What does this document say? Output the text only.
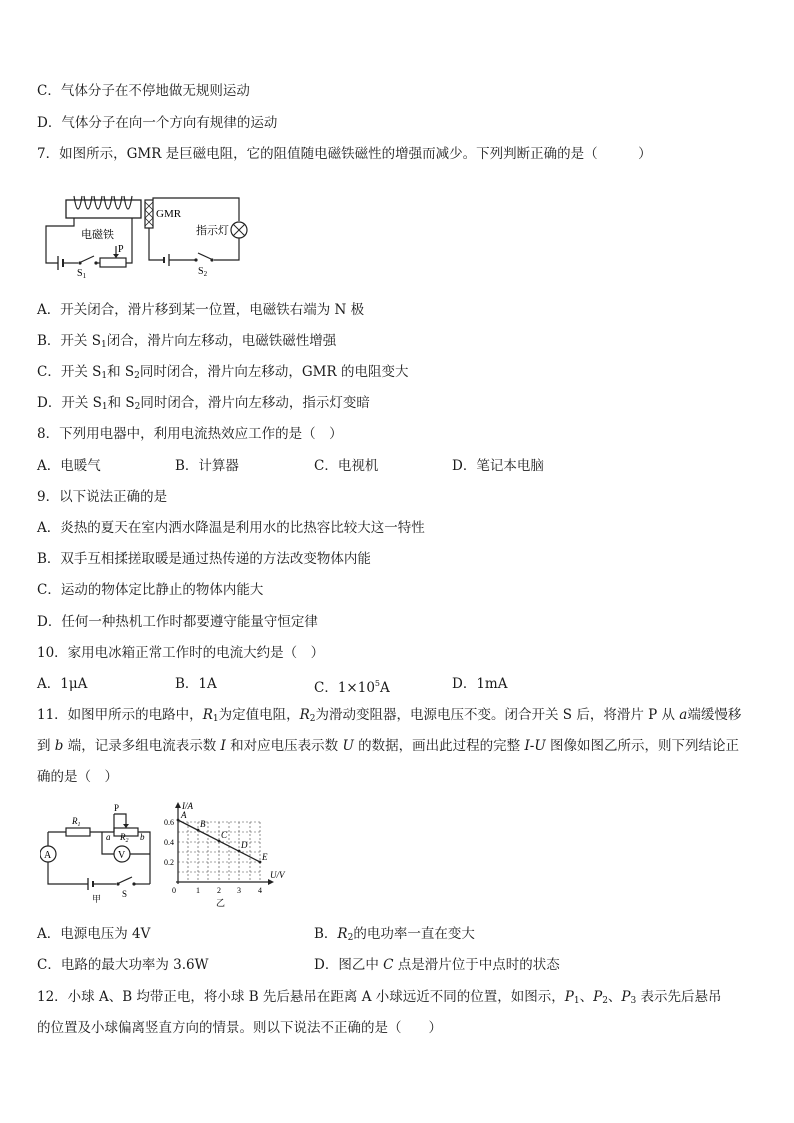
C．气体分子在不停地做无规则运动
D．气体分子在向一个方向有规律的运动
7．如图所示，GMR 是巨磁电阻，它的阻值随电磁铁磁性的增强而减少。下列判断正确的是（　　　）
P
电磁铁
$S_1$
GMR
指示灯
$S_2$
A．开关闭合，滑片移到某一位置，电磁铁右端为 N 极
B．开关 $S_1$闭合，滑片向左移动，电磁铁磁性增强
C．开关 $S_1$和 $S_2$同时闭合，滑片向左移动，GMR 的电阻变大
D．开关 $S_1$和 $S_2$同时闭合，滑片向左移动，指示灯变暗
8．下列用电器中，利用电流热效应工作的是（　）
A．电暖气	B．计算器	C．电视机	D．笔记本电脑
9．以下说法正确的是
A．炎热的夏天在室内洒水降温是利用水的比热容比较大这一特性
B．双手互相揉搓取暖是通过热传递的方法改变物体内能
C．运动的物体定比静止的物体内能大
D．任何一种热机工作时都要遵守能量守恒定律
10．家用电冰箱正常工作时的电流大约是（　）
A．1μA	B．1A	C．$1\times 10^5A$	D．1mA
11．如图甲所示的电路中，$R_1$为定值电阻，$R_2$为滑动变阻器，电源电压不变。闭合开关 S 后，将滑片 P 从 a端缓慢移
到 b 端，记录多组电流表示数 I 和对应电压表示数 U 的数据，画出此过程的完整 I-U 图像如图乙所示，则下列结论正
确的是（　）
$R_1$
$R_2$
a	b
P
V
A
S
甲
I/A
U/V
0.6
0.4
0.2
0	1 2 3 4
乙
A
B
C
D
E
A．电源电压为 4V	B．$R_2$的电功率一直在变大
C．电路的最大功率为 3.6W	D．图乙中 C 点是滑片位于中点时的状态
12．小球 A、B 均带正电，将小球 B 先后悬吊在距离 A 小球远近不同的位置，如图示，$P_1$、$P_2$、$P_3$ 表示先后悬吊
的位置及小球偏离竖直方向的情景。则以下说法不正确的是（　　）
